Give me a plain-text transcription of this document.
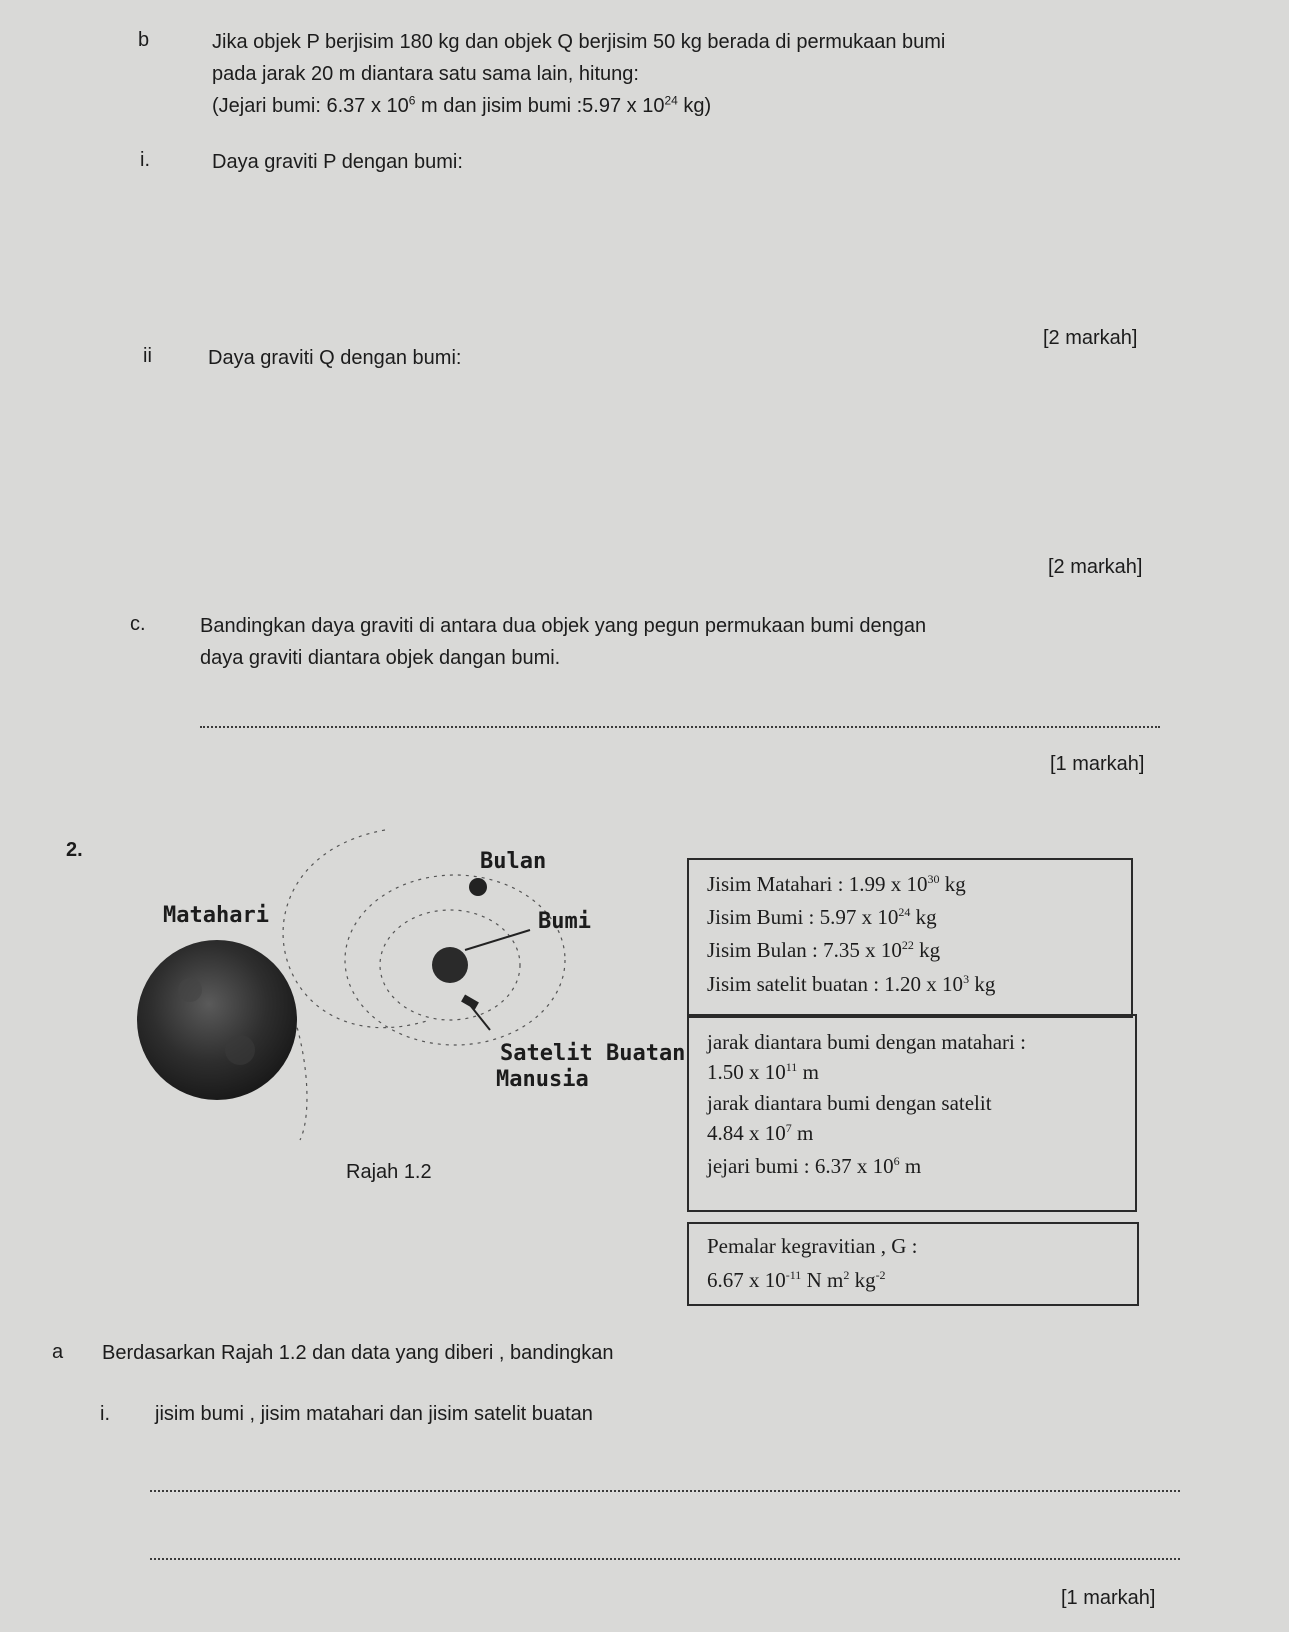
b	Jika objek P berjisim 180 kg dan objek Q berjisim 50 kg berada di permukaan bumi
pada jarak 20 m diantara satu sama lain, hitung:
(Jejari bumi: 6.37 x $10^6$ m dan jisim bumi :5.97 x $10^{24}$ kg)
i.	Daya graviti P dengan bumi:
[2 markah]
ii	Daya graviti Q dengan bumi:
[2 markah]
c.	Bandingkan daya graviti di antara dua objek yang pegun permukaan bumi dengan
daya graviti diantara objek dangan bumi.
[1 markah]
2.
Matahari
Bulan
Bumi
Satelit Buatan
Manusia
Rajah 1.2
Jisim Matahari : 1.99 x $10^{30}$ kg
Jisim Bumi : 5.97 x $10^{24}$ kg
Jisim Bulan : 7.35 x $10^{22}$ kg
Jisim satelit buatan : 1.20 x $10^3$ kg
jarak diantara bumi dengan matahari :
1.50 x $10^{11}$ m
jarak diantara bumi dengan satelit
4.84 x $10^7$ m
jejari bumi : 6.37 x $10^6$ m
Pemalar kegravitian , G :
6.67 x $10^{-11}$ N $m^2$ $kg^{-2}$
a Berdasarkan Rajah 1.2 dan data yang diberi , bandingkan
i. jisim bumi , jisim matahari dan jisim satelit buatan
[1 markah]
